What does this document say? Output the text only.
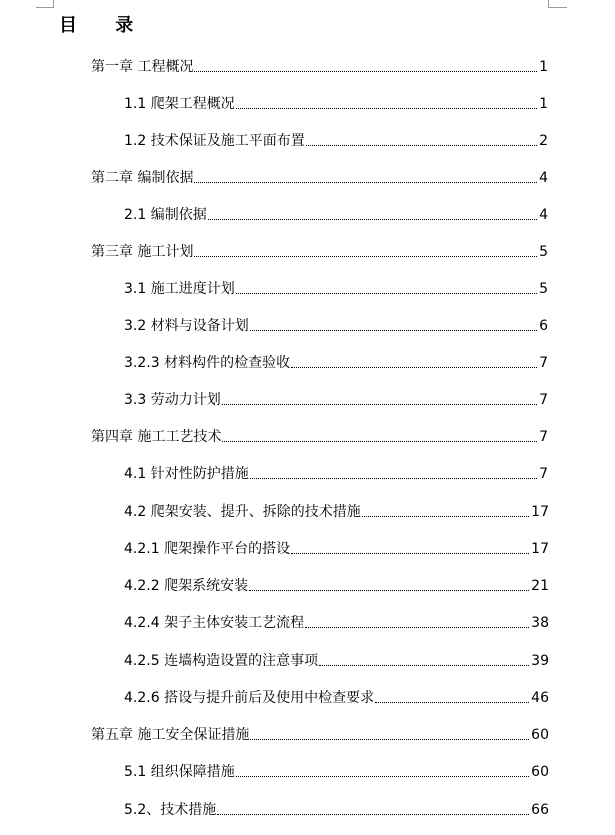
目 录
第一章 工程概况	1
1.1 爬架工程概况	1
1.2 技术保证及施工平面布置	2
第二章 编制依据	4
2.1 编制依据	4
第三章 施工计划	5
3.1 施工进度计划	5
3.2 材料与设备计划	6
3.2.3 材料构件的检查验收	7
3.3 劳动力计划	7
第四章 施工工艺技术	7
4.1 针对性防护措施	7
4.2 爬架安装、提升、拆除的技术措施	17
4.2.1 爬架操作平台的搭设	17
4.2.2 爬架系统安装	21
4.2.4 架子主体安装工艺流程	38
4.2.5 连墙构造设置的注意事项	39
4.2.6 搭设与提升前后及使用中检查要求	46
第五章 施工安全保证措施	60
5.1 组织保障措施	60
5.2、技术措施	66
